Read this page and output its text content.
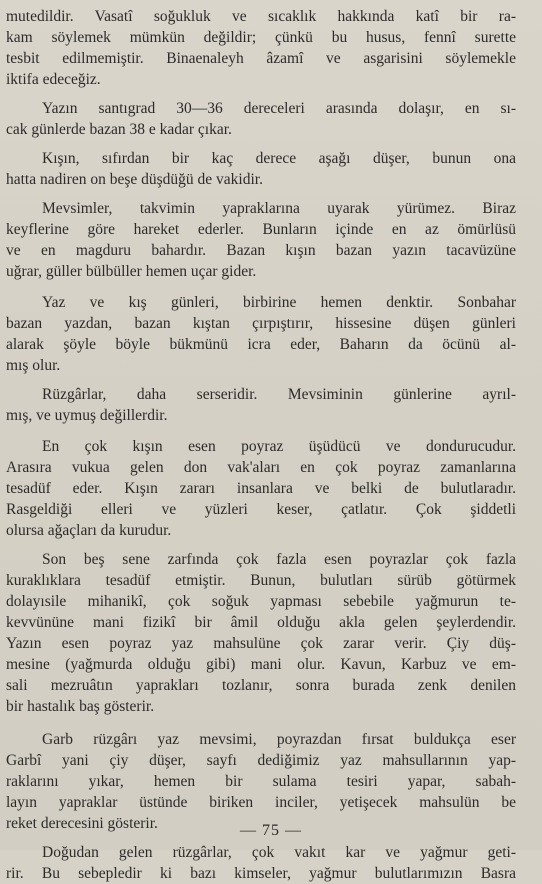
mutedildir. Vasatî soğukluk ve sıcaklık hakkında katî bir ra-
kam söylemek mümkün değildir; çünkü bu husus, fennî surette
tesbit edilmemiştir. Binaenaleyh âzamî ve asgarisini söylemekle
iktifa edeceğiz.
Yazın santıgrad 30—36 dereceleri arasında dolaşır, en sı-
cak günlerde bazan 38 e kadar çıkar.
Kışın, sıfırdan bir kaç derece aşağı düşer, bunun ona
hatta nadiren on beşe düşdüğü de vakidir.
Mevsimler, takvimin yapraklarına uyarak yürümez. Biraz
keyflerine göre hareket ederler. Bunların içinde en az ömürlüsü
ve en magduru bahardır. Bazan kışın bazan yazın tacavüzüne
uğrar, güller bülbüller hemen uçar gider.
Yaz ve kış günleri, birbirine hemen denktir. Sonbahar
bazan yazdan, bazan kıştan çırpıştırır, hissesine düşen günleri
alarak şöyle böyle bükmünü icra eder, Baharın da öcünü al-
mış olur.
Rüzgârlar, daha serseridir. Mevsiminin günlerine ayrıl-
mış, ve uymuş değillerdir.
En çok kışın esen poyraz üşüdücü ve dondurucudur.
Arasıra vukua gelen don vak'aları en çok poyraz zamanlarına
tesadüf eder. Kışın zararı insanlara ve belki de bulutlaradır.
Rasgeldiği elleri ve yüzleri keser, çatlatır. Çok şiddetli
olursa ağaçları da kurudur.
Son beş sene zarfında çok fazla esen poyrazlar çok fazla
kuraklıklara tesadüf etmiştir. Bunun, bulutları sürüb götürmek
dolayısile mihanikî, çok soğuk yapması sebebile yağmurun te-
kevvününe mani fizikî bir âmil olduğu akla gelen şeylerdendir.
Yazın esen poyraz yaz mahsulüne çok zarar verir. Çiy düş-
mesine (yağmurda olduğu gibi) mani olur. Kavun, Karbuz ve em-
sali mezruâtın yaprakları tozlanır, sonra burada zenk denilen
bir hastalık baş gösterir.
Garb rüzgârı yaz mevsimi, poyrazdan fırsat buldukça eser
Garbî yani çiy düşer, sayfı dediğimiz yaz mahsullarının yap-
raklarını yıkar, hemen bir sulama tesiri yapar, sabah-
layın yapraklar üstünde biriken inciler, yetişecek mahsulün be
reket derecesini gösterir.
Doğudan gelen rüzgârlar, çok vakıt kar ve yağmur geti-
rir. Bu sebepledir ki bazı kimseler, yağmur bulutlarımızın Basra
— 75 —
